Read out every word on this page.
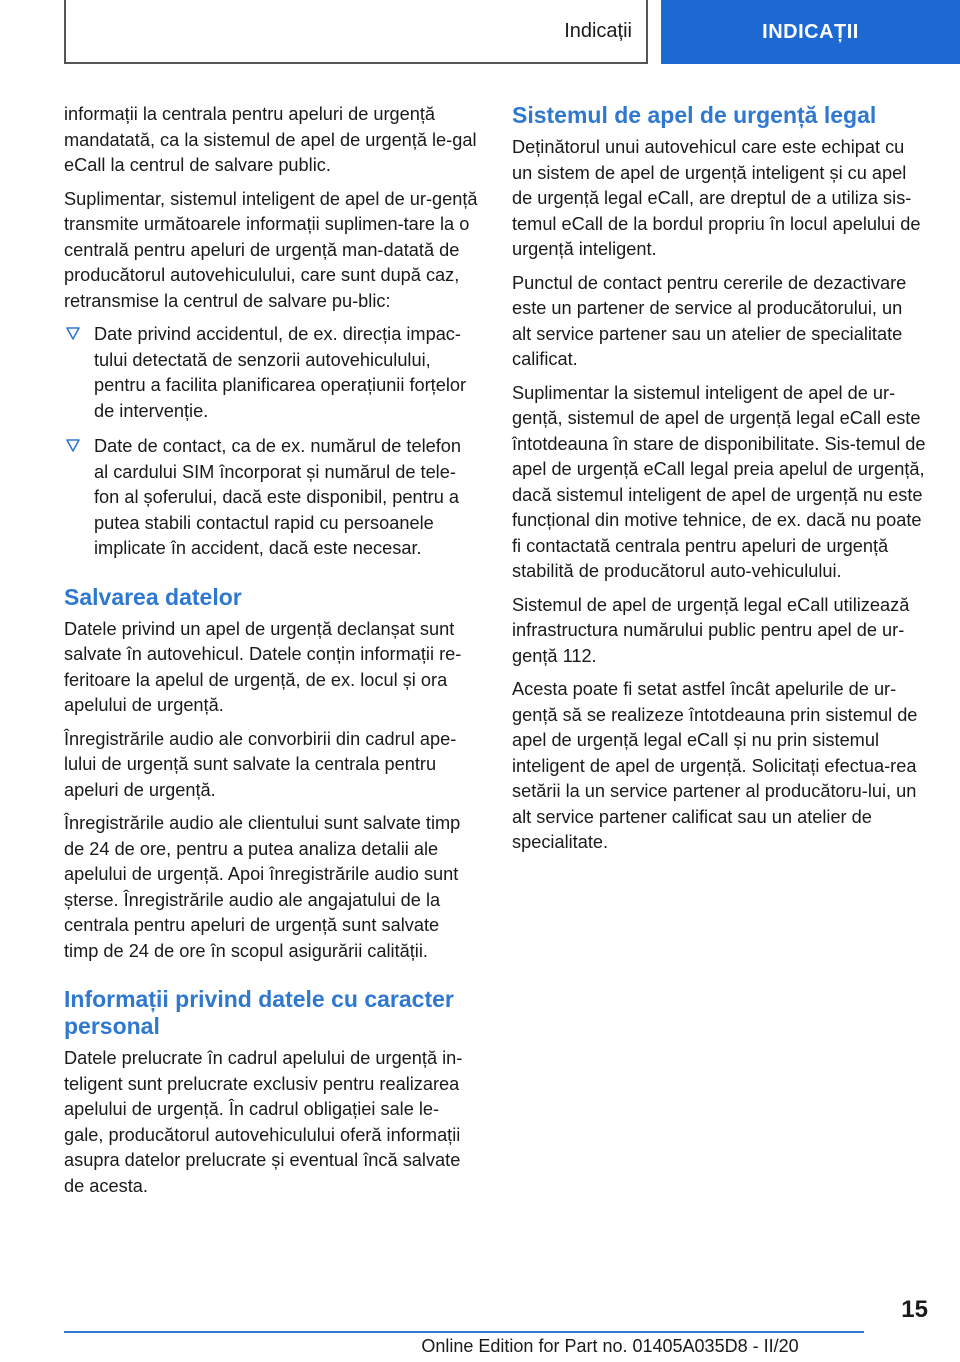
Indicații	INDICAȚII

informații la centrala pentru apeluri de urgență mandatată, ca la sistemul de apel de urgență le-gal eCall la centrul de salvare public.

Suplimentar, sistemul inteligent de apel de ur-gență transmite următoarele informații suplimen-tare la o centrală pentru apeluri de urgență man-datată de producătorul autovehiculului, care sunt după caz, retransmise la centrul de salvare pu-blic:

Date privind accidentul, de ex. direcția impac-tului detectată de senzorii autovehiculului, pentru a facilita planificarea operațiunii forțelor de intervenție.
Date de contact, ca de ex. numărul de telefon al cardului SIM încorporat și numărul de tele-fon al șoferului, dacă este disponibil, pentru a putea stabili contactul rapid cu persoanele implicate în accident, dacă este necesar.
Salvarea datelor

Datele privind un apel de urgență declanșat sunt salvate în autovehicul. Datele conțin informații re-feritoare la apelul de urgență, de ex. locul și ora apelului de urgență.

Înregistrările audio ale convorbirii din cadrul ape-lului de urgență sunt salvate la centrala pentru apeluri de urgență.

Înregistrările audio ale clientului sunt salvate timp de 24 de ore, pentru a putea analiza detalii ale apelului de urgență. Apoi înregistrările audio sunt șterse. Înregistrările audio ale angajatului de la centrala pentru apeluri de urgență sunt salvate timp de 24 de ore în scopul asigurării calității.

Informații privind datele cu caracter personal

Datele prelucrate în cadrul apelului de urgență in-teligent sunt prelucrate exclusiv pentru realizarea apelului de urgență. În cadrul obligației sale le-gale, producătorul autovehiculului oferă informații asupra datelor prelucrate și eventual încă salvate de acesta.

Sistemul de apel de urgență legal

Deținătorul unui autovehicul care este echipat cu un sistem de apel de urgență inteligent și cu apel de urgență legal eCall, are dreptul de a utiliza sis-temul eCall de la bordul propriu în locul apelului de urgență inteligent.

Punctul de contact pentru cererile de dezactivare este un partener de service al producătorului, un alt service partener sau un atelier de specialitate calificat.

Suplimentar la sistemul inteligent de apel de ur-gență, sistemul de apel de urgență legal eCall este întotdeauna în stare de disponibilitate. Sis-temul de apel de urgență eCall legal preia apelul de urgență, dacă sistemul inteligent de apel de urgență nu este funcțional din motive tehnice, de ex. dacă nu poate fi contactată centrala pentru apeluri de urgență stabilită de producătorul auto-vehiculului.

Sistemul de apel de urgență legal eCall utilizează infrastructura numărului public pentru apel de ur-gență 112.

Acesta poate fi setat astfel încât apelurile de ur-gență să se realizeze întotdeauna prin sistemul de apel de urgență legal eCall și nu prin sistemul inteligent de apel de urgență. Solicitați efectua-rea setării la un service partener al producătoru-lui, un alt service partener calificat sau un atelier de specialitate.

15
Online Edition for Part no. 01405A035D8 - II/20
